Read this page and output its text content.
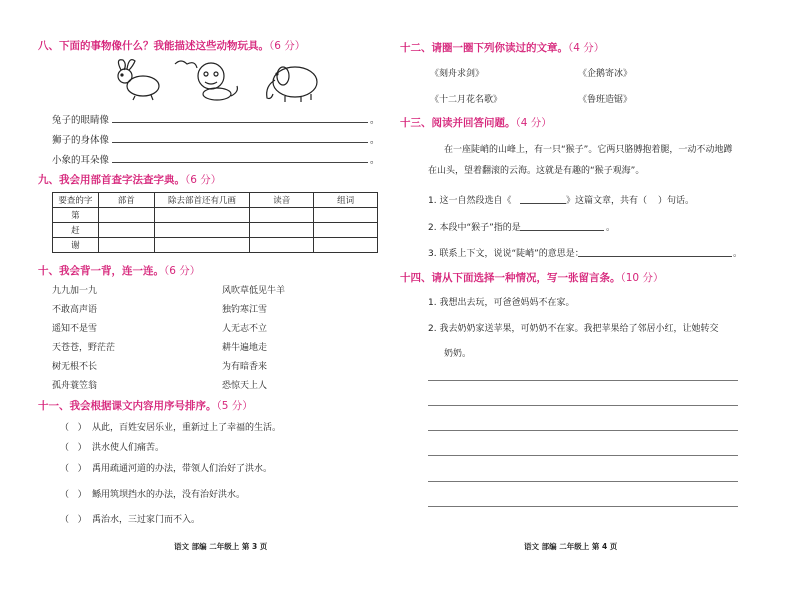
八、下面的事物像什么？我能描述这些动物玩具。（6 分）
兔子的眼睛像	。
狮子的身体像	。
小象的耳朵像	。
九、我会用部首查字法查字典。（6 分）
要查的字	部首	除去部首还有几画	读音	组词
第				
赶				
谢				
十、我会背一背，连一连。（6 分）
九九加一九
不敢高声语
遥知不是雪
天苍苍，野茫茫
树无根不长
孤舟蓑笠翁
风吹草低见牛羊
独钓寒江雪
人无志不立
耕牛遍地走
为有暗香来
恐惊天上人
十一、我会根据课文内容用序号排序。（5 分）
（   ） 从此，百姓安居乐业，重新过上了幸福的生活。
（   ） 洪水使人们痛苦。
（   ） 禹用疏通河道的办法，带领人们治好了洪水。
（   ） 鲧用筑坝挡水的办法，没有治好洪水。
（   ） 禹治水，三过家门而不入。
语文 部编 二年级上 第 3 页
十二、请圈一圈下列你读过的文章。（4 分）
《刻舟求剑》	《企鹅寄冰》
《十二月花名歌》	《鲁班造锯》
十三、阅读并回答问题。（4 分）
在一座陡峭的山峰上，有一只“猴子”。它两只胳膊抱着腿，一动不动地蹲
在山头，望着翻滚的云海。这就是有趣的“猴子观海”。
1. 这一自然段选自《	》这篇文章，共有（ ）句话。
2. 本段中“猴子”指的是	。
3. 联系上下文，说说“陡峭”的意思是：	。
十四、请从下面选择一种情况，写一张留言条。（10 分）
1. 我想出去玩，可爸爸妈妈不在家。
2. 我去奶奶家送苹果，可奶奶不在家。我把苹果给了邻居小红，让她转交
奶奶。
语文 部编 二年级上 第 4 页
